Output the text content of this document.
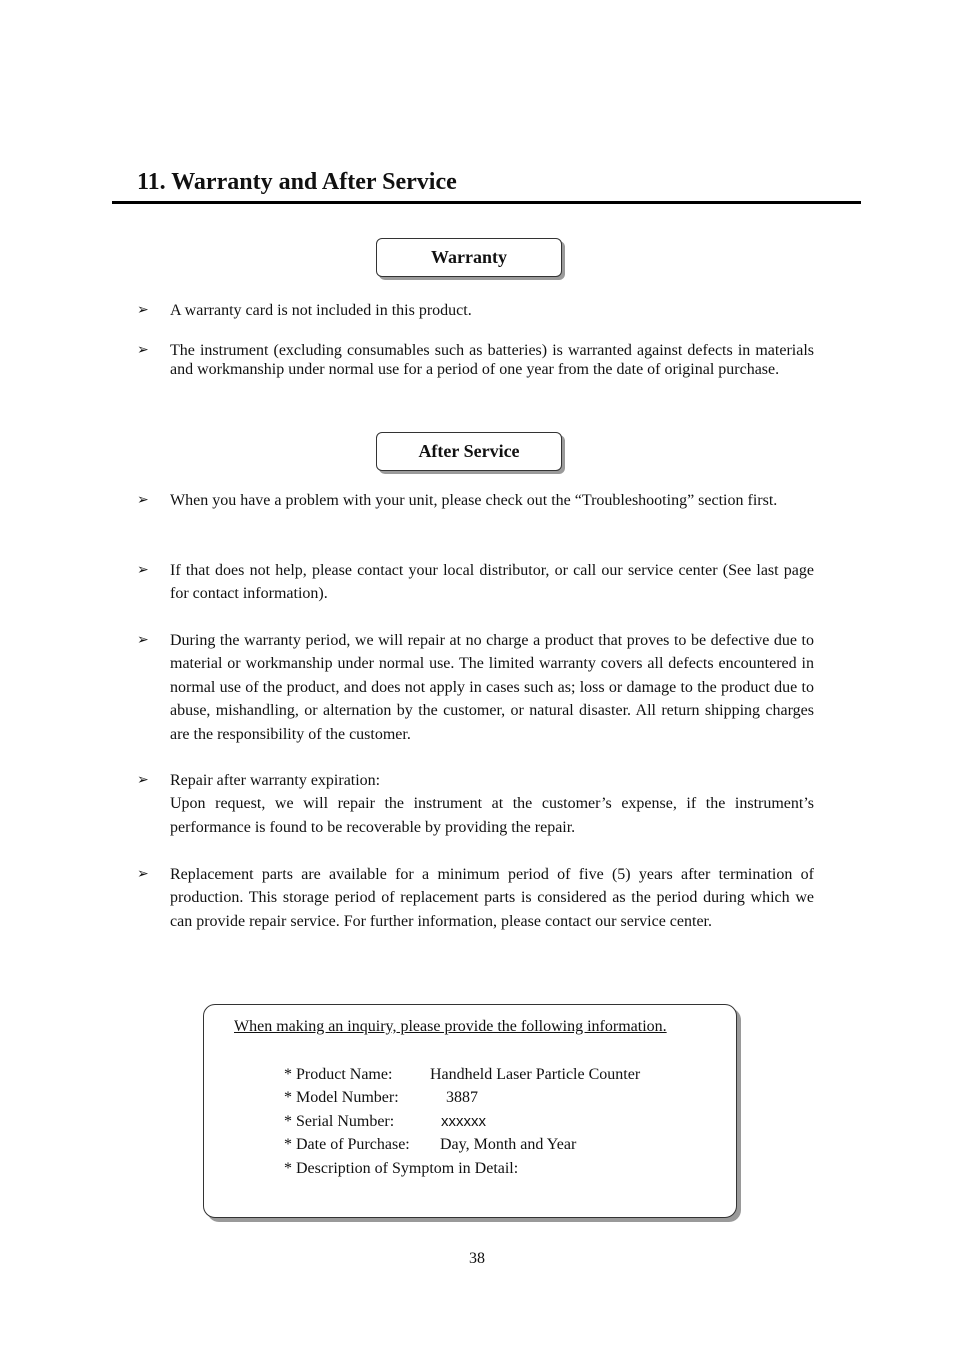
11. Warranty and After Service
Warranty
➢	A warranty card is not included in this product.
➢	The instrument (excluding consumables such as batteries) is warranted against defects in materials and workmanship under normal use for a period of one year from the date of original purchase.
After Service
➢	When you have a problem with your unit, please check out the “Troubleshooting” section first.
➢	If that does not help, please contact your local distributor, or call our service center (See last page for contact information).
➢	During the warranty period, we will repair at no charge a product that proves to be defective due to material or workmanship under normal use. The limited warranty covers all defects encountered in normal use of the product, and does not apply in cases such as; loss or damage to the product due to abuse, mishandling, or alternation by the customer, or natural disaster. All return shipping charges are the responsibility of the customer.
➢	Repair after warranty expiration:
Upon request, we will repair the instrument at the customer’s expense, if the instrument’s performance is found to be recoverable by providing the repair.
➢	Replacement parts are available for a minimum period of five (5) years after termination of production. This storage period of replacement parts is considered as the period during which we can provide repair service. For further information, please contact our service center.
When making an inquiry, please provide the following information.
* Product Name: Handheld Laser Particle Counter
* Model Number:	3887
* Serial Number:	xxxxxx
* Date of Purchase: Day, Month and Year
* Description of Symptom in Detail:
38
